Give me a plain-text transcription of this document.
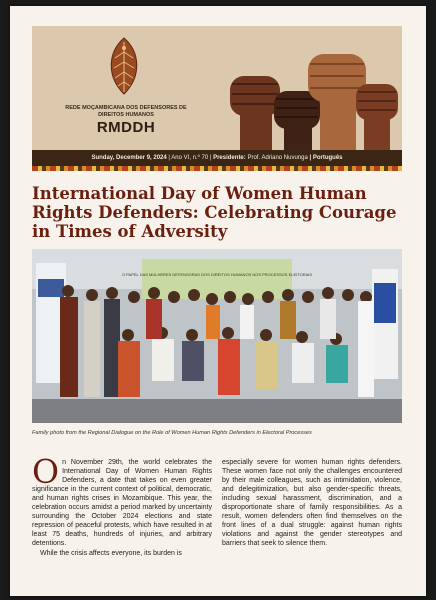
REDE MOÇAMBICANA DOS DEFENSORES DE DIREITOS HUMANOS
RMDDH
Sunday, December 9, 2024 | Ano VI, n.º 70 | Presidente: Prof. Adriano Nuvunga | Português
International Day of Women Human Rights Defenders: Celebrating Courage in Times of Adversity
O PAPEL DAS MULHERES DEFENSORAS DOS DIREITOS HUMANOS NOS PROCESSOS ELEITORAIS
Family photo from the Regional Dialogue on the Role of Women Human Rights Defenders in Electoral Processes
O n November 29th, the world celebrates the International Day of Women Human Rights Defenders, a date that takes on even greater significance in the current context of political, democratic, and human rights crises in Mozambique. This year, the celebration occurs amidst a period marked by uncertainty surrounding the October 2024 elections and state repression of peaceful protests, which have resulted in at least 75 deaths, hundreds of injuries, and arbitrary detentions.

While the crisis affects everyone, its burden is

especially severe for women human rights defenders. These women face not only the challenges encountered by their male colleagues, such as intimidation, violence, and delegitimization, but also gender-specific threats, including sexual harassment, discrimination, and a disproportionate share of family responsibilities. As a result, women defenders often find themselves on the front lines of a dual struggle: against human rights violations and against the gender stereotypes and barriers that seek to silence them.
